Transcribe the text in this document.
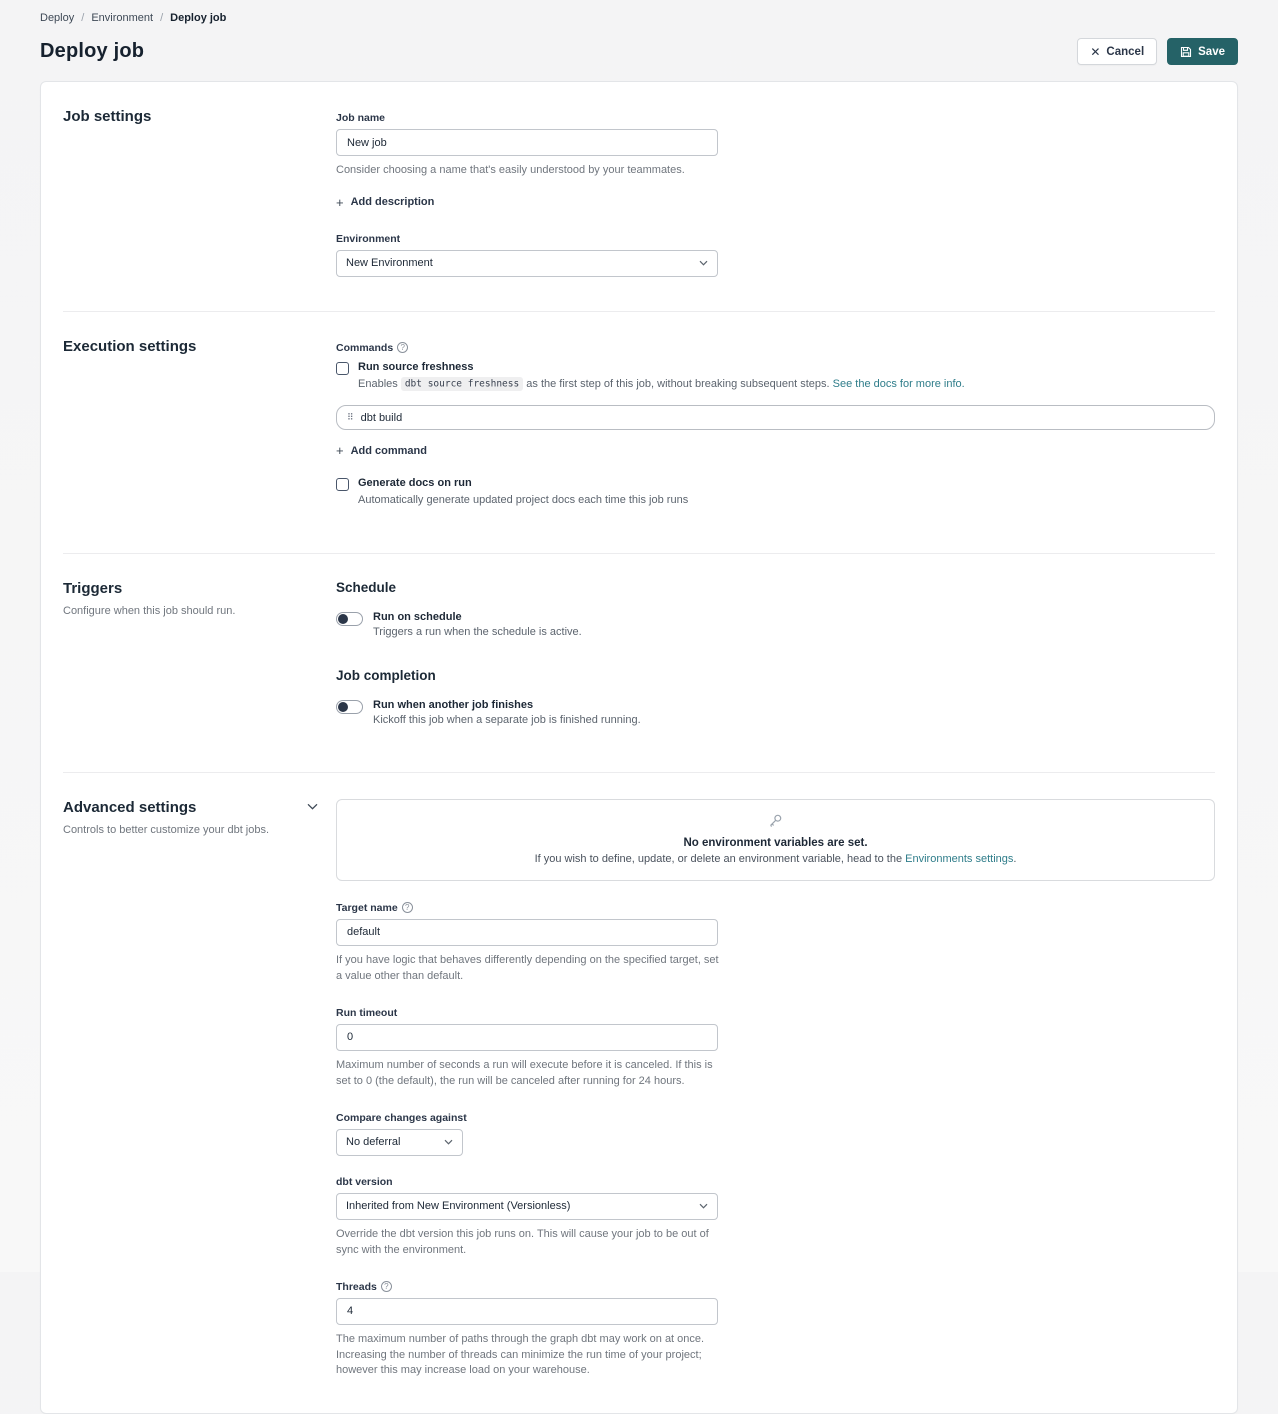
Deploy / Environment / Deploy job
Deploy job	✕ Cancel	Save
Job settings	Job name
New job

Consider choosing a name that's easily understood by your teammates.

+ Add description
Environment
New Environment
Execution settings	Commands ?
Run source freshness
Enables dbt source freshness as the first step of this job, without breaking subsequent steps. See the docs for more info.
⠿ dbt build
+ Add command
Generate docs on run
Automatically generate updated project docs each time this job runs
Triggers

Configure when this job should run.

Schedule
Run on schedule
Triggers a run when the schedule is active.
Job completion
Run when another job finishes
Kickoff this job when a separate job is finished running.
Advanced settings

Controls to better customize your dbt jobs.

No environment variables are set.
If you wish to define, update, or delete an environment variable, head to the Environments settings.
Target name ?
default

If you have logic that behaves differently depending on the specified target, set a value other than default.

Run timeout
0

Maximum number of seconds a run will execute before it is canceled. If this is set to 0 (the default), the run will be canceled after running for 24 hours.

Compare changes against
No deferral
dbt version
Inherited from New Environment (Versionless)

Override the dbt version this job runs on. This will cause your job to be out of sync with the environment.

Threads ?
4

The maximum number of paths through the graph dbt may work on at once. Increasing the number of threads can minimize the run time of your project; however this may increase load on your warehouse.
